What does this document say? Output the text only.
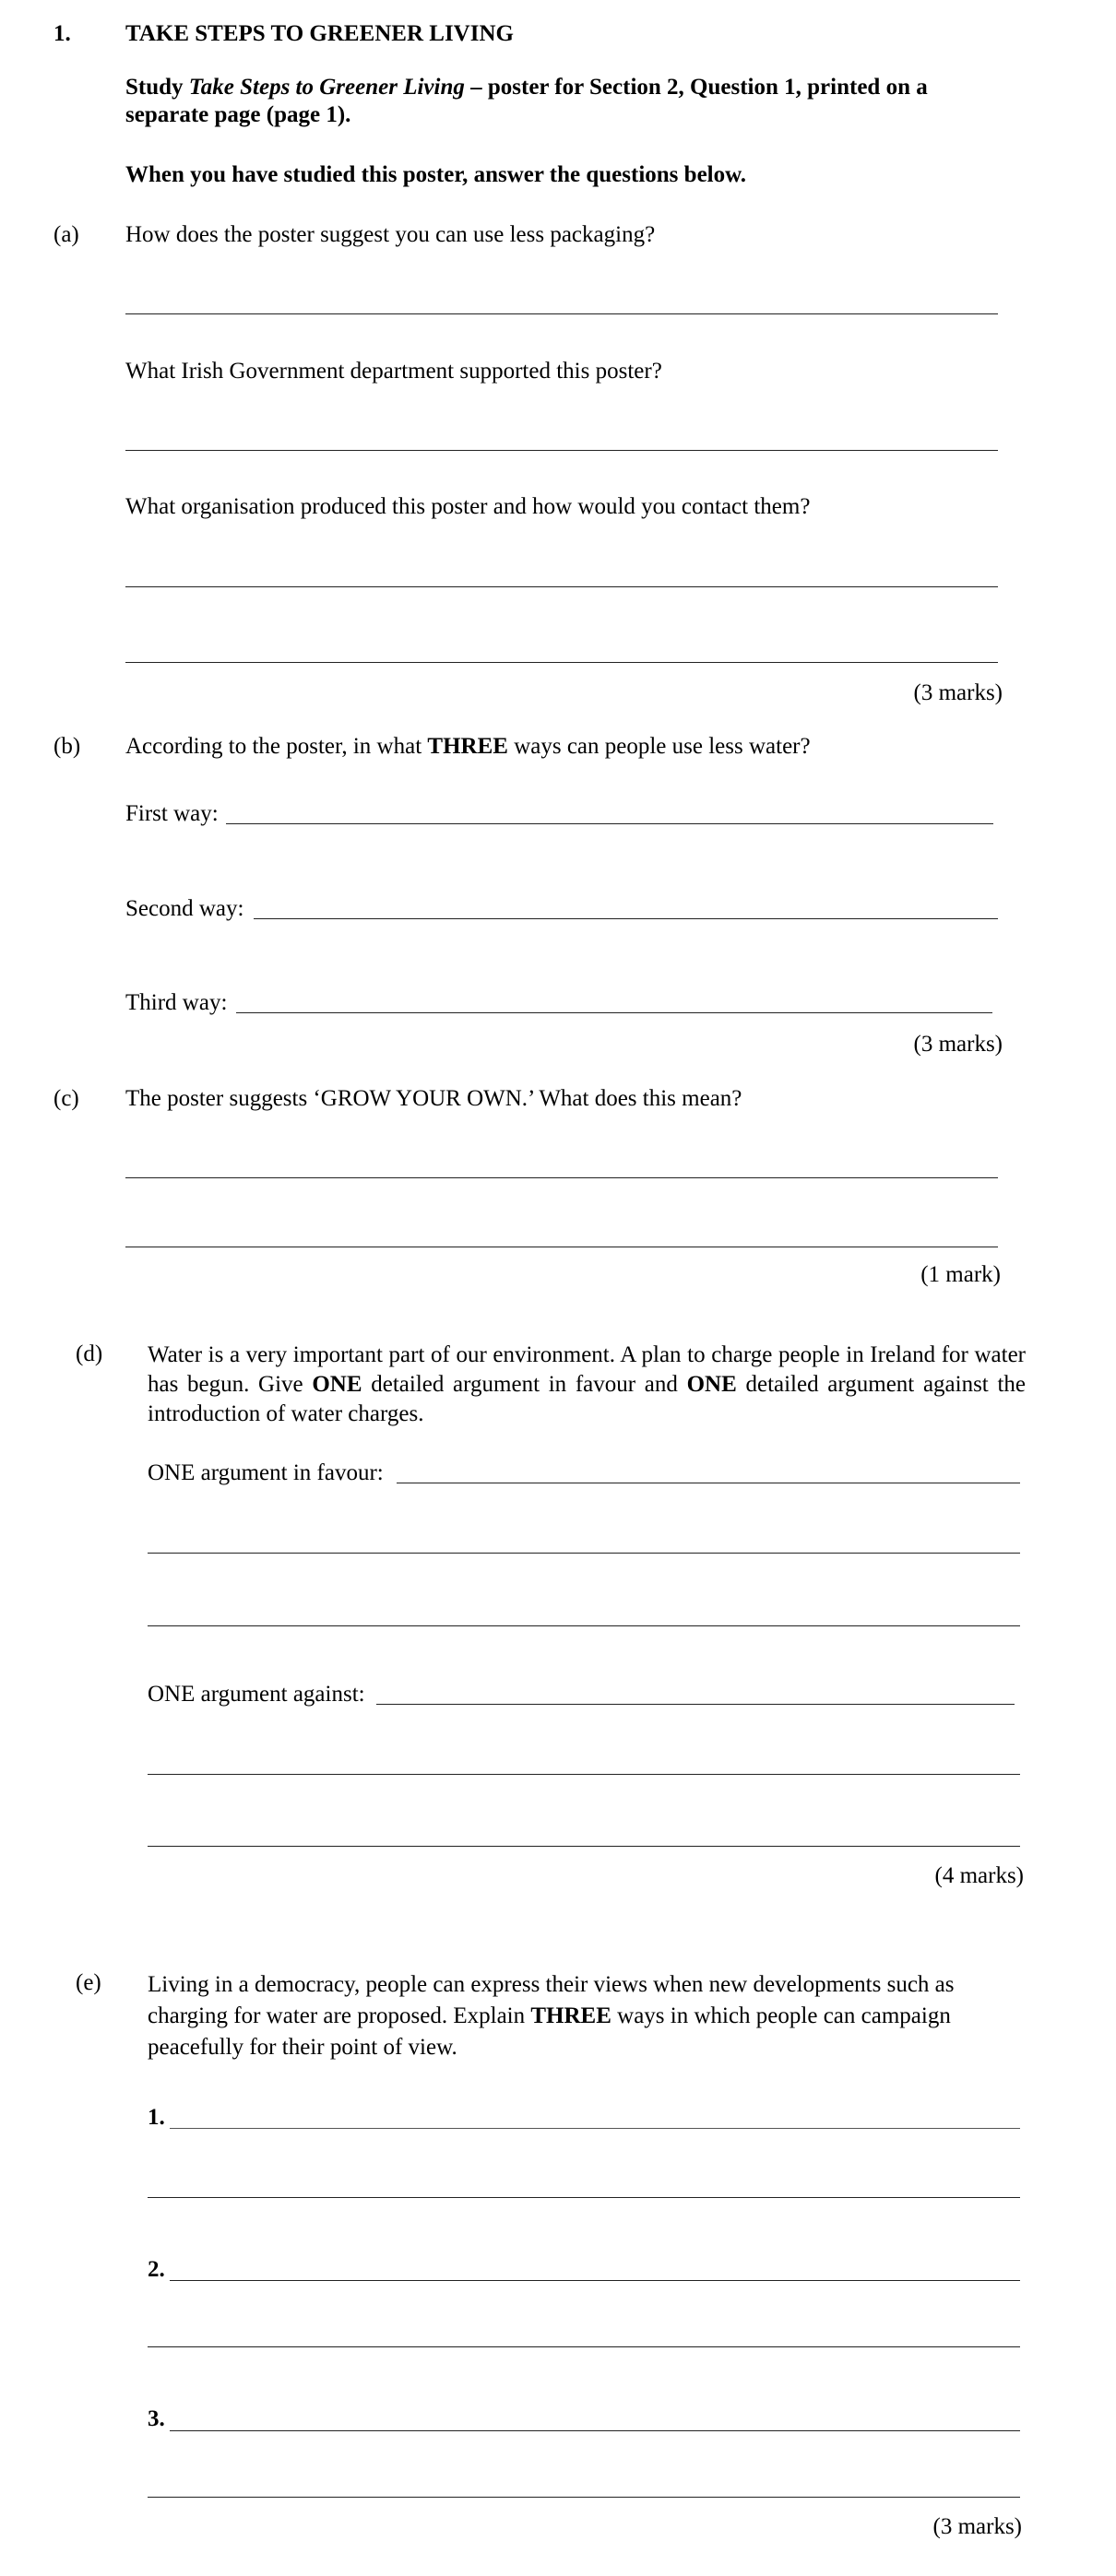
1. TAKE STEPS TO GREENER LIVING
Study Take Steps to Greener Living – poster for Section 2, Question 1, printed on a separate page (page 1).
When you have studied this poster, answer the questions below.
(a) How does the poster suggest you can use less packaging?
What Irish Government department supported this poster?
What organisation produced this poster and how would you contact them?
(3 marks)
(b) According to the poster, in what THREE ways can people use less water?
First way:
Second way:
Third way:
(3 marks)
(c) The poster suggests ‘GROW YOUR OWN.’ What does this mean?
(1 mark)
(d) Water is a very important part of our environment. A plan to charge people in Ireland for water has begun. Give ONE detailed argument in favour and ONE detailed argument against the introduction of water charges.
ONE argument in favour:
ONE argument against:
(4 marks)
(e) Living in a democracy, people can express their views when new developments such as charging for water are proposed. Explain THREE ways in which people can campaign peacefully for their point of view.
1.
2.
3.
(3 marks)
